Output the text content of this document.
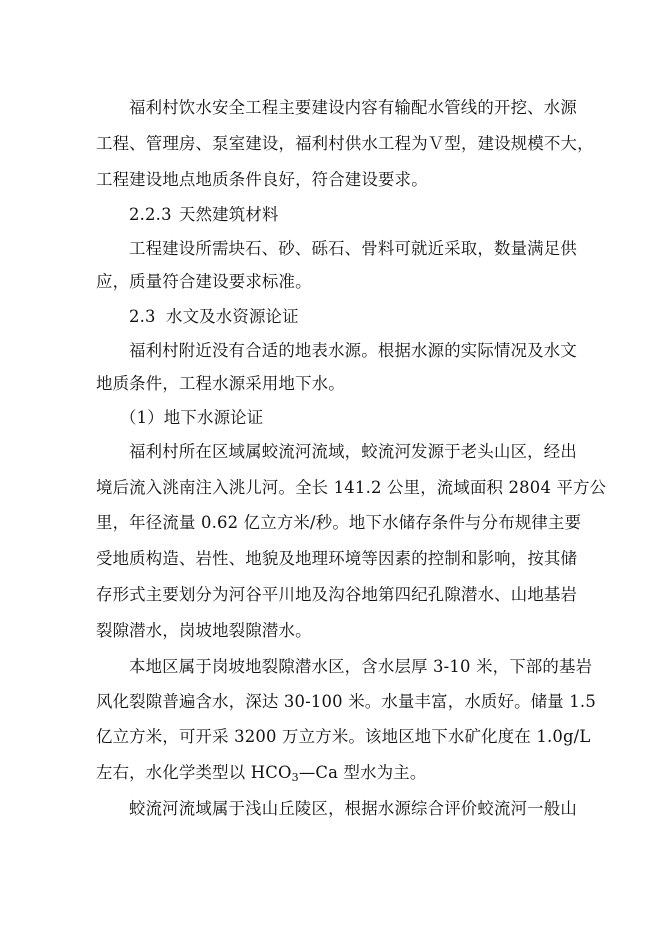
福利村饮水安全工程主要建设内容有输配水管线的开挖、水源
工程、管理房、泵室建设，福利村供水工程为Ｖ型，建设规模不大，
工程建设地点地质条件良好，符合建设要求。
2.2.3 天然建筑材料
工程建设所需块石、砂、砾石、骨料可就近采取，数量满足供
应，质量符合建设要求标准。
2.3 水文及水资源论证
福利村附近没有合适的地表水源。根据水源的实际情况及水文
地质条件，工程水源采用地下水。
（1）地下水源论证
福利村所在区域属蛟流河流域，蛟流河发源于老头山区，经出
境后流入洮南注入洮儿河。全长 141.2 公里，流域面积 2804 平方公
里，年径流量 0.62 亿立方米/秒。地下水储存条件与分布规律主要
受地质构造、岩性、地貌及地理环境等因素的控制和影响，按其储
存形式主要划分为河谷平川地及沟谷地第四纪孔隙潜水、山地基岩
裂隙潜水，岗坡地裂隙潜水。
本地区属于岗坡地裂隙潜水区，含水层厚 3-10 米，下部的基岩
风化裂隙普遍含水，深达 30-100 米。水量丰富，水质好。储量 1.5
亿立方米，可开采 3200 万立方米。该地区地下水矿化度在 1.0g/L
左右，水化学类型以 $HCO_3—Ca$ 型水为主。
蛟流河流域属于浅山丘陵区，根据水源综合评价蛟流河一般山
